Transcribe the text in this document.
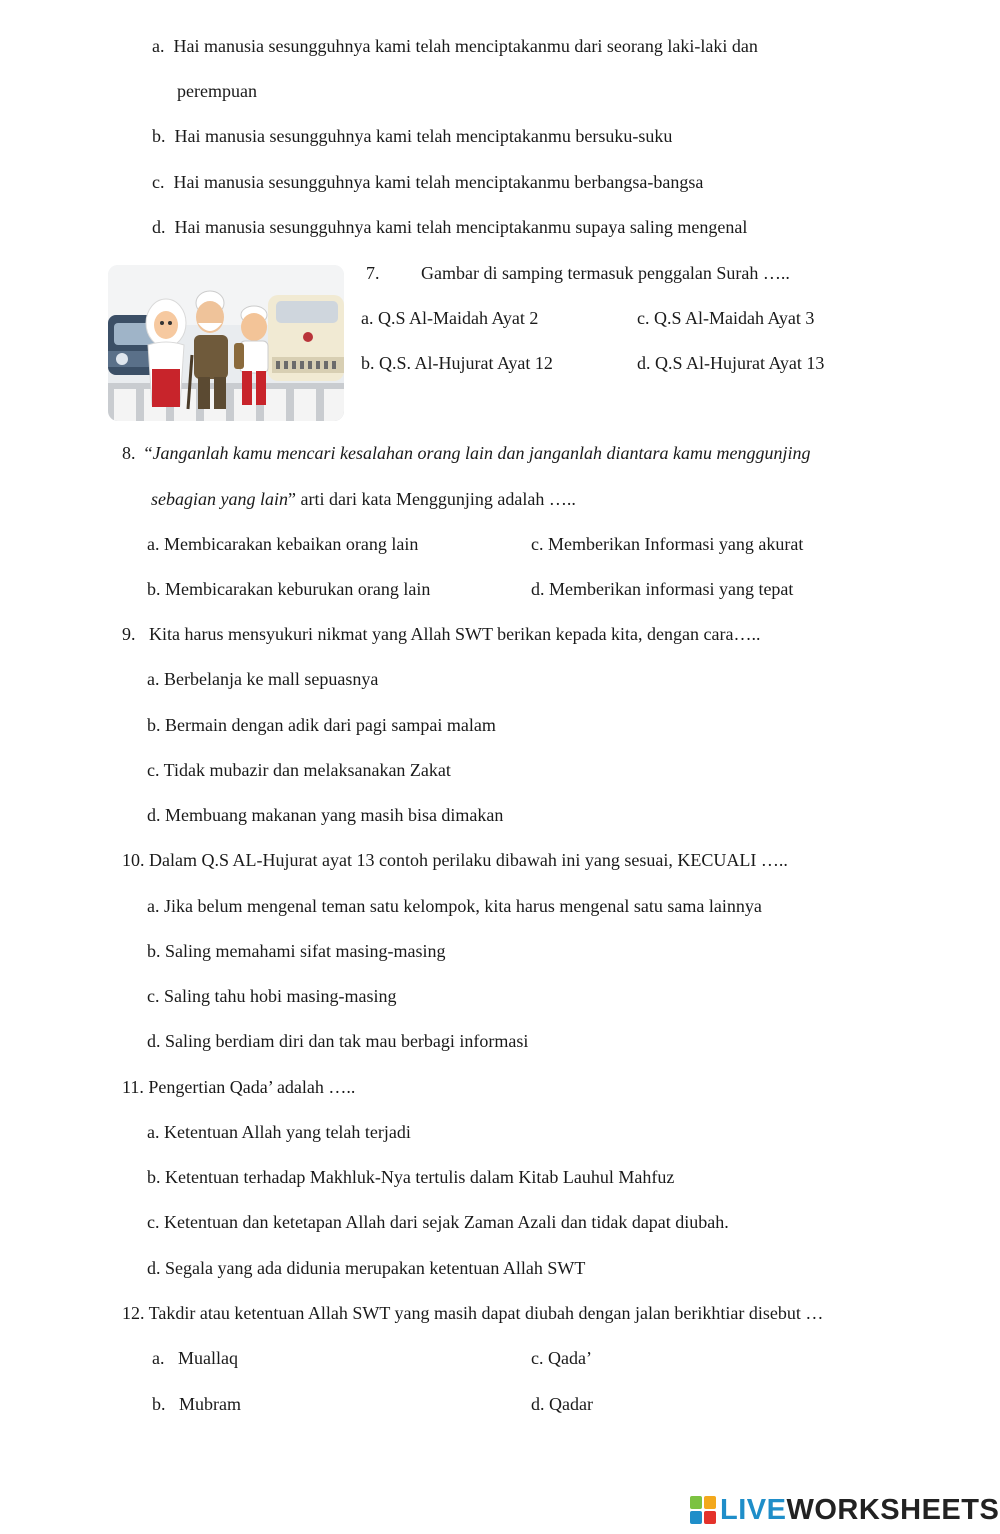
a.  Hai manusia sesungguhnya kami telah menciptakanmu dari seorang laki-laki dan
perempuan
b.  Hai manusia sesungguhnya kami telah menciptakanmu bersuku-suku
c.  Hai manusia sesungguhnya kami telah menciptakanmu berbangsa-bangsa
d.  Hai manusia sesungguhnya kami telah menciptakanmu supaya saling mengenal
7. Gambar di samping termasuk penggalan Surah …..
a. Q.S Al-Maidah Ayat 2	c. Q.S Al-Maidah Ayat 3
b. Q.S. Al-Hujurat Ayat 12	d. Q.S Al-Hujurat Ayat 13
8. “Janganlah kamu mencari kesalahan orang lain dan janganlah diantara kamu menggunjing
sebagian yang lain” arti dari kata Menggunjing adalah …..
a. Membicarakan kebaikan orang lain	c. Memberikan Informasi yang akurat
b. Membicarakan keburukan orang lain	d. Memberikan informasi yang tepat
9.   Kita harus mensyukuri nikmat yang Allah SWT berikan kepada kita, dengan cara…..
a. Berbelanja ke mall sepuasnya
b. Bermain dengan adik dari pagi sampai malam
c. Tidak mubazir dan melaksanakan Zakat
d. Membuang makanan yang masih bisa dimakan
10. Dalam Q.S AL-Hujurat ayat 13 contoh perilaku dibawah ini yang sesuai, KECUALI …..
a. Jika belum mengenal teman satu kelompok, kita harus mengenal satu sama lainnya
b. Saling memahami sifat masing-masing
c. Saling tahu hobi masing-masing
d. Saling berdiam diri dan tak mau berbagi informasi
11. Pengertian Qada’ adalah …..
a. Ketentuan Allah yang telah terjadi
b. Ketentuan terhadap Makhluk-Nya tertulis dalam Kitab Lauhul Mahfuz
c. Ketentuan dan ketetapan Allah dari sejak Zaman Azali dan tidak dapat diubah.
d. Segala yang ada didunia merupakan ketentuan Allah SWT
12. Takdir atau ketentuan Allah SWT yang masih dapat diubah dengan jalan berikhtiar disebut …
a.   Muallaq	c. Qada’
b.   Mubram	d. Qadar
LIVEWORKSHEETS
